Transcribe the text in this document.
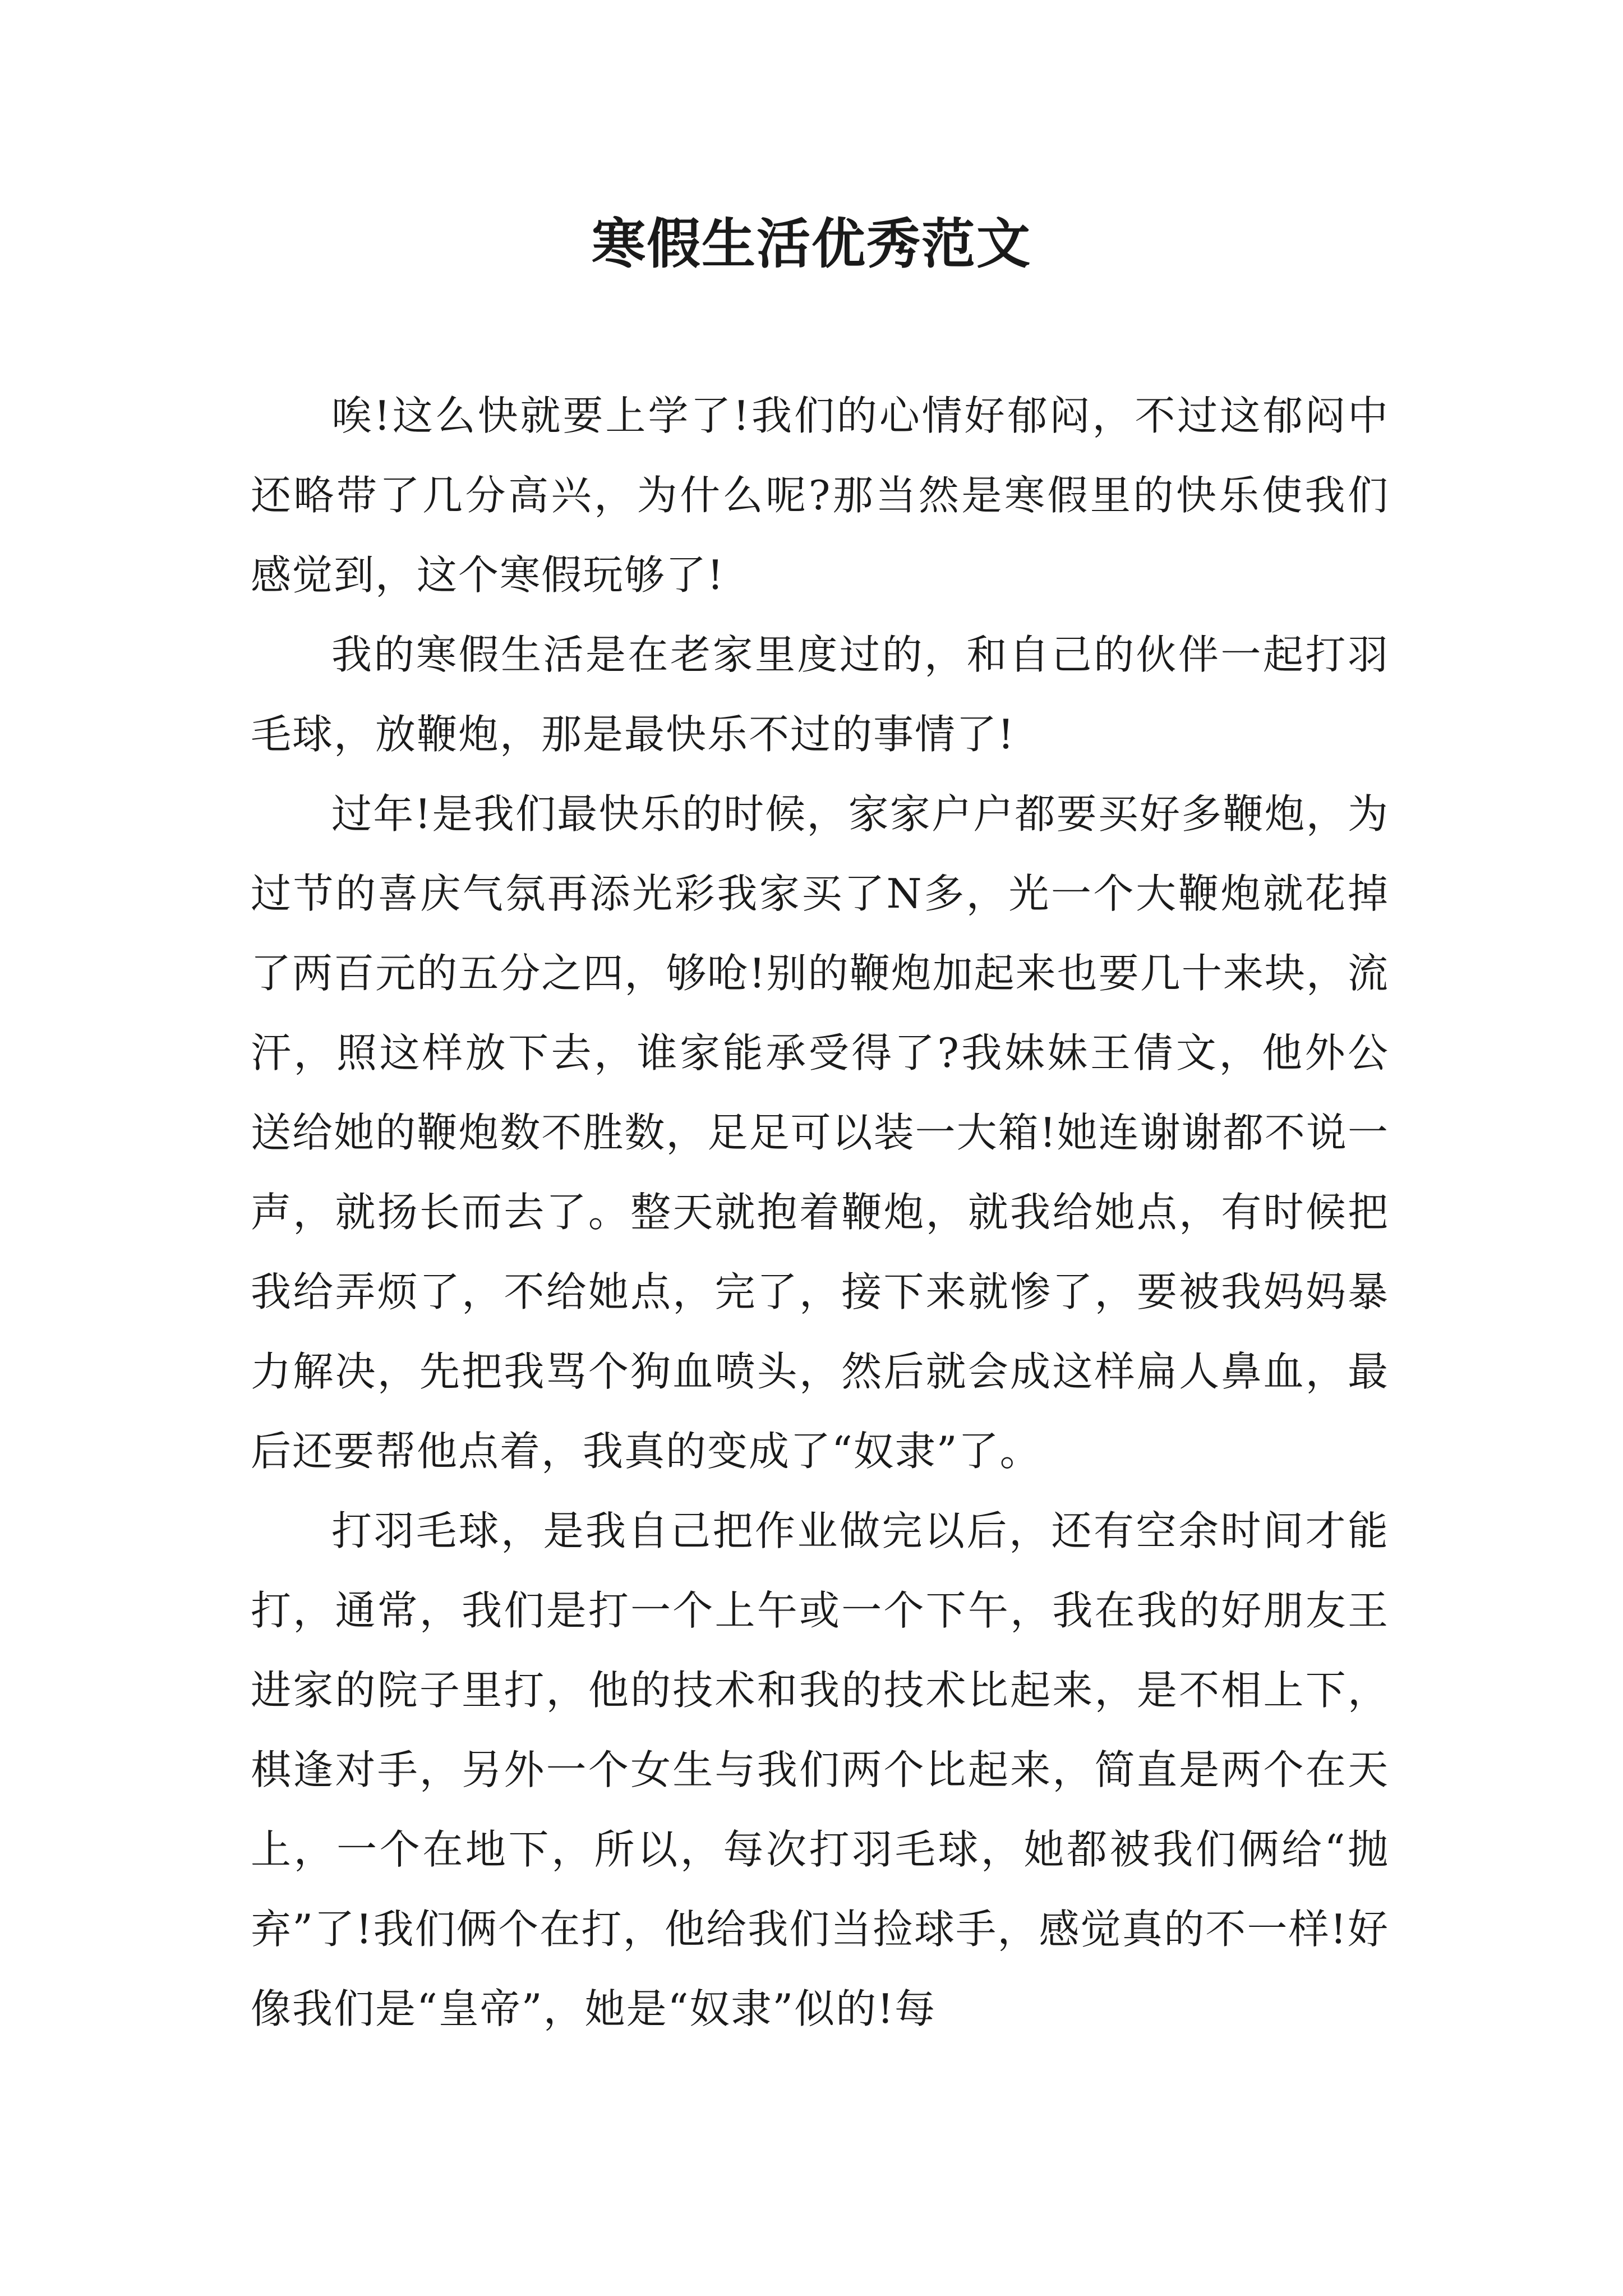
寒假生活优秀范文

唉!这么快就要上学了!我们的心情好郁闷，不过这郁闷中还略带了几分高兴，为什么呢?那当然是寒假里的快乐使我们感觉到，这个寒假玩够了!

我的寒假生活是在老家里度过的，和自己的伙伴一起打羽毛球，放鞭炮，那是最快乐不过的事情了!

过年!是我们最快乐的时候，家家户户都要买好多鞭炮，为过节的喜庆气氛再添光彩我家买了N多，光一个大鞭炮就花掉了两百元的五分之四，够呛!别的鞭炮加起来也要几十来块，流汗，照这样放下去，谁家能承受得了?我妹妹王倩文，他外公送给她的鞭炮数不胜数，足足可以装一大箱!她连谢谢都不说一声，就扬长而去了。整天就抱着鞭炮，就我给她点，有时候把我给弄烦了，不给她点，完了，接下来就惨了，要被我妈妈暴力解决，先把我骂个狗血喷头，然后就会成这样扁人鼻血，最后还要帮他点着，我真的变成了“奴隶”了。

打羽毛球，是我自己把作业做完以后，还有空余时间才能打，通常，我们是打一个上午或一个下午，我在我的好朋友王进家的院子里打，他的技术和我的技术比起来，是不相上下，棋逢对手，另外一个女生与我们两个比起来，简直是两个在天上，一个在地下，所以，每次打羽毛球，她都被我们俩给“抛弃”了!我们俩个在打，他给我们当捡球手，感觉真的不一样!好像我们是“皇帝”，她是“奴隶”似的!每
